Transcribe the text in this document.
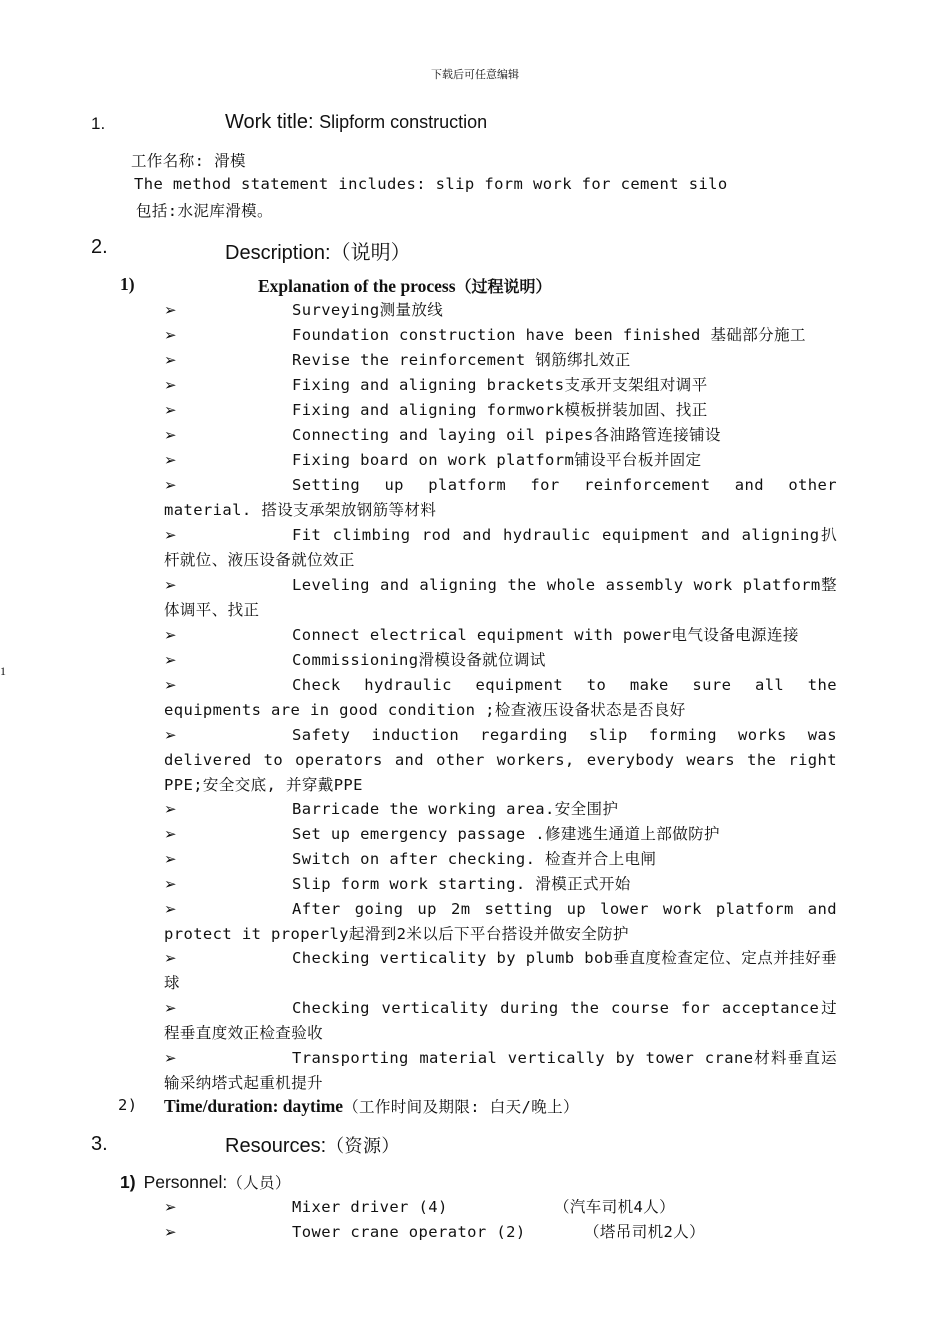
下载后可任意编辑
1
1.	Work title: Slipform construction
工作名称: 滑模
The method statement includes: slip form work for cement silo
包括:水泥库滑模。
2.	Description:（说明）
1)	Explanation of the process（过程说明）
➢	Surveying测量放线
➢	Foundation construction have been finished 基础部分施工
➢	Revise the reinforcement 钢筋绑扎效正
➢	Fixing and aligning brackets支承开支架组对调平
➢	Fixing and aligning formwork模板拼装加固、找正
➢	Connecting and laying oil pipes各油路管连接铺设
➢	Fixing board on work platform铺设平台板并固定
➢	Setting up platform for reinforcement and other material. 搭设支承架放钢筋等材料
➢	Fit climbing rod and hydraulic equipment and aligning扒杆就位、液压设备就位效正
➢	Leveling and aligning the whole assembly work platform整体调平、找正
➢	Connect electrical equipment with power电气设备电源连接
➢	Commissioning滑模设备就位调试
➢	Check hydraulic equipment to make sure all the equipments are in good condition ;检查液压设备状态是否良好
➢	Safety induction regarding slip forming works was delivered to operators and other workers, everybody wears the right PPE;安全交底, 并穿戴PPE
➢	Barricade the working area.安全围护
➢	Set up emergency passage .修建逃生通道上部做防护
➢	Switch on after checking. 检查并合上电闸
➢	Slip form work starting. 滑模正式开始
➢	After going up 2m setting up lower work platform and protect it properly起滑到2米以后下平台搭设并做安全防护
➢	Checking verticality by plumb bob垂直度检查定位、定点并挂好垂球
➢	Checking verticality during the course for acceptance过程垂直度效正检查验收
➢	Transporting material vertically by tower crane材料垂直运输采纳塔式起重机提升
2) Time/duration: daytime（工作时间及期限: 白天/晚上）
3.	Resources:（资源）
1) Personnel:（人员）
➢	Mixer driver (4)	（汽车司机4人）
➢	Tower crane operator (2)	（塔吊司机2人）
